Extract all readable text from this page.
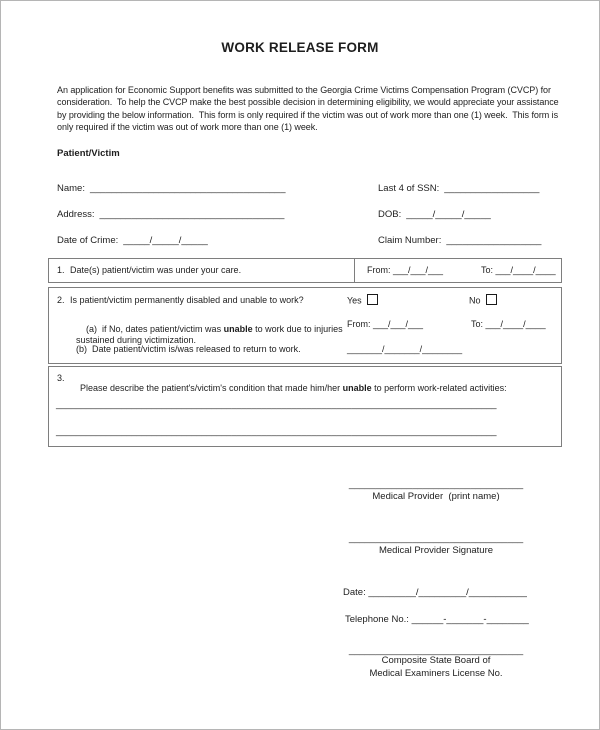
WORK RELEASE FORM
An application for Economic Support benefits was submitted to the Georgia Crime Victims Compensation Program (CVCP) for consideration.  To help the CVCP make the best possible decision in determining eligibility, we would appreciate your assistance by providing the below information.  This form is only required if the victim was out of work more than one (1) week.  This form is only required if the victim was out of work more than one (1) week.
Patient/Victim
Name: _____________________________________	Last 4 of SSN: __________________
Address: ___________________________________	DOB: _____/_____/_____
Date of Crime: _____/_____/_____	Claim Number: __________________
1. Date(s) patient/victim was under your care.	From: ___/___/___	To: ___/____/____
2. Is patient/victim permanently disabled and unable to work?	Yes	No

(a)  if No, dates patient/victim was unable to work due to injuries sustained during victimization.

From: ___/___/___	To: ___/____/____
(b)  Date patient/victim is/was released to return to work.	_______/_______/________
3.

Please describe the patient's/victim's condition that made him/her unable to perform work-related activities:

________________________________________________________________________________________
________________________________________________________________________________________
_________________________________
Medical Provider  (print name)
_________________________________
Medical Provider Signature
Date: _________/_________/___________
Telephone No.: ______-_______-________
_________________________________
Composite State Board of
Medical Examiners License No.
